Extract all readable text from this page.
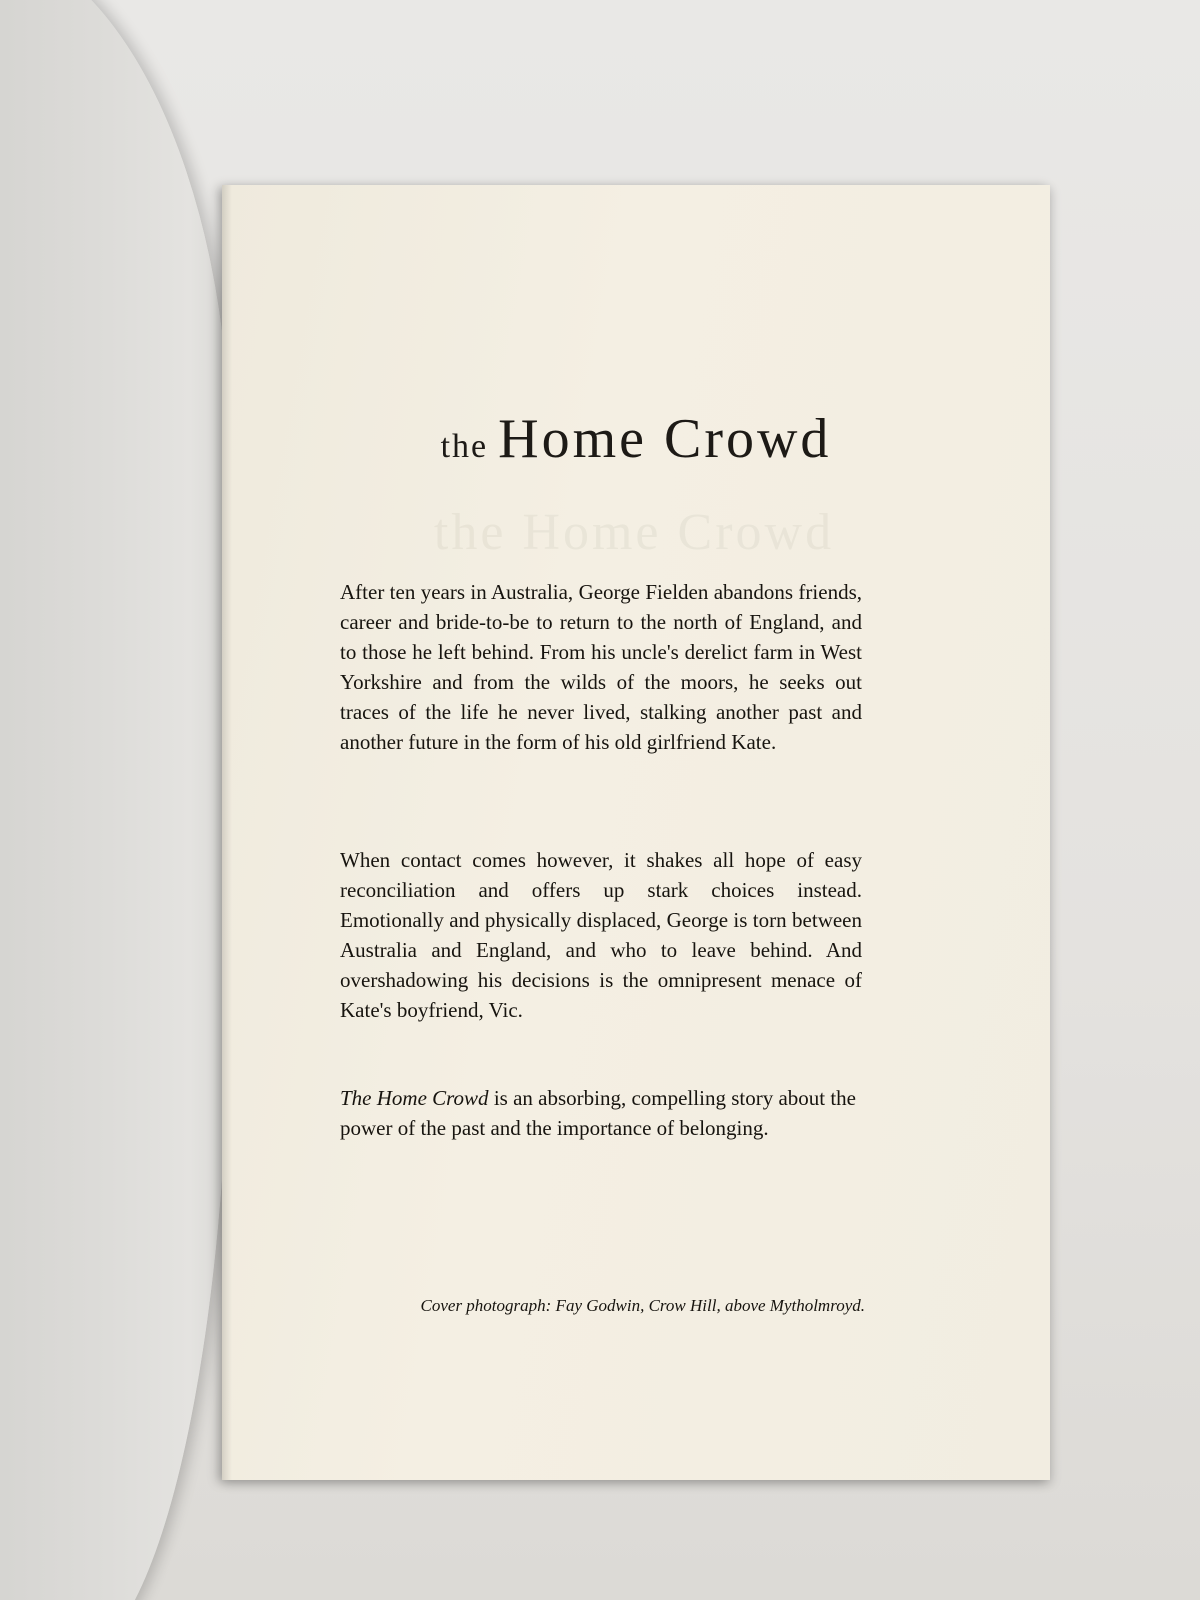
the Home Crowd
the Home Crowd

After ten years in Australia, George Fielden abandons friends, career and bride-to-be to return to the north of England, and to those he left behind. From his uncle's derelict farm in West Yorkshire and from the wilds of the moors, he seeks out traces of the life he never lived, stalking another past and another future in the form of his old girlfriend Kate.

When contact comes however, it shakes all hope of easy reconciliation and offers up stark choices instead. Emotionally and physically displaced, George is torn between Australia and England, and who to leave behind. And overshadowing his decisions is the omnipresent menace of Kate's boyfriend, Vic.

The Home Crowd is an absorbing, compelling story about the power of the past and the importance of belonging.

Cover photograph: Fay Godwin, Crow Hill, above Mytholmroyd.
